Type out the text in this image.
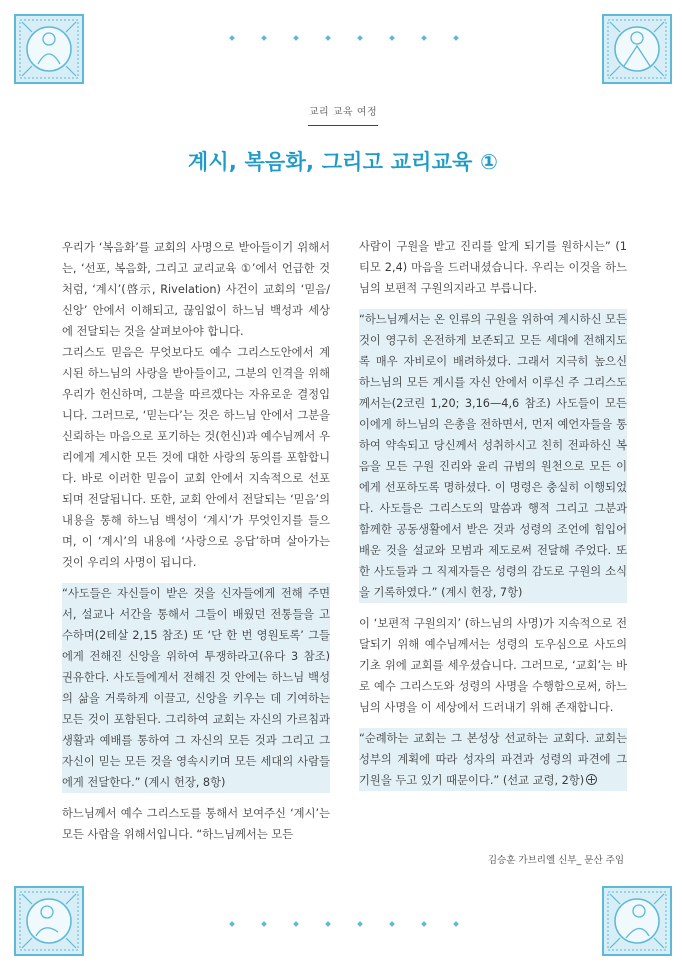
교리 교육 여정
계시, 복음화, 그리고 교리교육 ①

우리가 ‘복음화’를 교회의 사명으로 받아들이기 위해서는, ‘선포, 복음화, 그리고 교리교육 ①’에서 언급한 것처럼, ‘계시’(啓示, Rivelation) 사건이 교회의 ‘믿음/신앙’ 안에서 이해되고, 끊임없이 하느님 백성과 세상에 전달되는 것을 살펴보아야 합니다.

그리스도 믿음은 무엇보다도 예수 그리스도안에서 계시된 하느님의 사랑을 받아들이고, 그분의 인격을 위해 우리가 헌신하며, 그분을 따르겠다는 자유로운 결정입니다. 그러므로, ‘믿는다’는 것은 하느님 안에서 그분을 신뢰하는 마음으로 포기하는 것(헌신)과 예수님께서 우리에게 계시한 모든 것에 대한 사랑의 동의를 포함합니다. 바로 이러한 믿음이 교회 안에서 지속적으로 선포되며 전달됩니다. 또한, 교회 안에서 전달되는 ‘믿음’의 내용을 통해 하느님 백성이 ‘계시’가 무엇인지를 들으며, 이 ‘계시’의 내용에 ‘사랑으로 응답’하며 살아가는 것이 우리의 사명이 됩니다.

“사도들은 자신들이 받은 것을 신자들에게 전해 주면서, 설교나 서간을 통해서 그들이 배웠던 전통들을 고수하며(2테살 2,15 참조) 또 ‘단 한 번 영원토록’ 그들에게 전해진 신앙을 위하여 투쟁하라고(유다 3 참조) 권유한다. 사도들에게서 전해진 것 안에는 하느님 백성의 삶을 거룩하게 이끌고, 신앙을 키우는 데 기여하는 모든 것이 포함된다. 그리하여 교회는 자신의 가르침과 생활과 예배를 통하여 그 자신의 모든 것과 그리고 그 자신이 믿는 모든 것을 영속시키며 모든 세대의 사람들에게 전달한다.” (계시 헌장, 8항)

하느님께서 예수 그리스도를 통해서 보여주신 ‘계시’는 모든 사람을 위해서입니다. “하느님께서는 모든

사람이 구원을 받고 진리를 알게 되기를 원하시는” (1티모 2,4) 마음을 드러내셨습니다. 우리는 이것을 하느님의 보편적 구원의지라고 부릅니다.

“하느님께서는 온 인류의 구원을 위하여 계시하신 모든 것이 영구히 온전하게 보존되고 모든 세대에 전해지도록 매우 자비로이 배려하셨다. 그래서 지극히 높으신 하느님의 모든 계시를 자신 안에서 이루신 주 그리스도께서는(2코린 1,20; 3,16—4,6 참조) 사도들이 모든 이에게 하느님의 은총을 전하면서, 먼저 예언자들을 통하여 약속되고 당신께서 성취하시고 친히 전파하신 복음을 모든 구원 진리와 윤리 규범의 원천으로 모든 이에게 선포하도록 명하셨다. 이 명령은 충실히 이행되었다. 사도들은 그리스도의 말씀과 행적 그리고 그분과 함께한 공동생활에서 받은 것과 성령의 조언에 힘입어 배운 것을 설교와 모범과 제도로써 전달해 주었다. 또한 사도들과 그 직제자들은 성령의 감도로 구원의 소식을 기록하였다.” (계시 헌장, 7항)

이 ‘보편적 구원의지’ (하느님의 사명)가 지속적으로 전달되기 위해 예수님께서는 성령의 도우심으로 사도의 기초 위에 교회를 세우셨습니다. 그러므로, ‘교회’는 바로 예수 그리스도와 성령의 사명을 수행함으로써, 하느님의 사명을 이 세상에서 드러내기 위해 존재합니다.

“순례하는 교회는 그 본성상 선교하는 교회다. 교회는 성부의 계획에 따라 성자의 파견과 성령의 파견에 그 기원을 두고 있기 때문이다.” (선교 교령, 2항)

김승훈 가브리엘 신부_ 문산 주임
